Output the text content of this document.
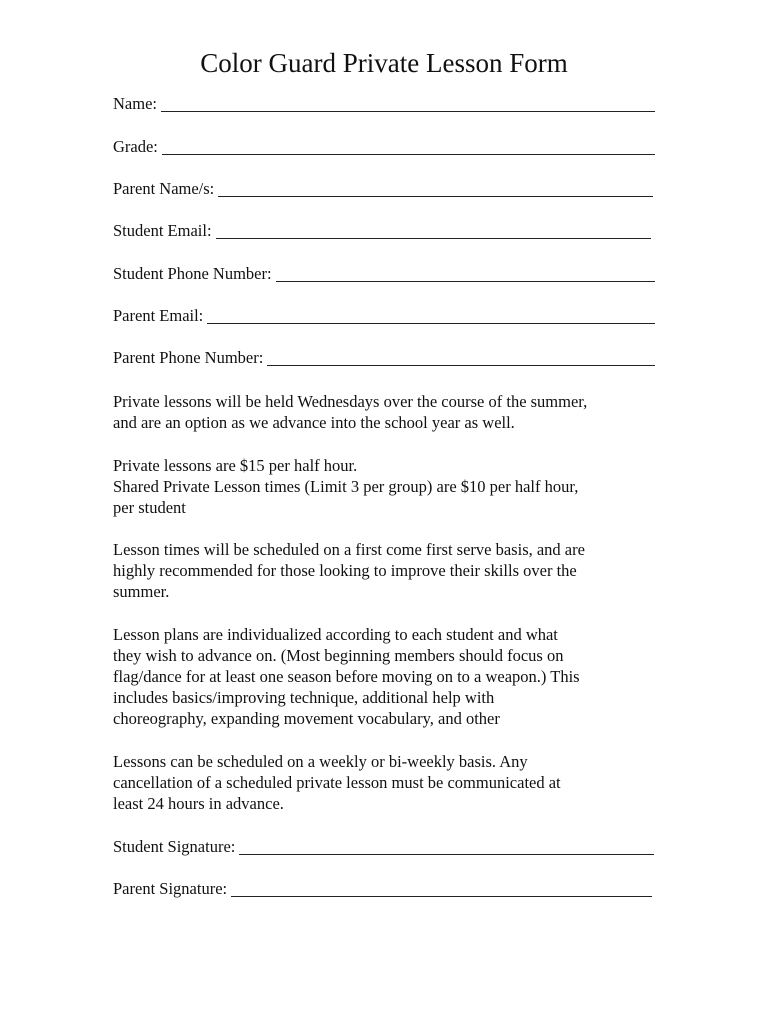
Color Guard Private Lesson Form
Name:
Grade:
Parent Name/s:
Student Email:
Student Phone Number:
Parent Email:
Parent Phone Number:
Private lessons will be held Wednesdays over the course of the summer,
and are an option as we advance into the school year as well.
Private lessons are $15 per half hour.
Shared Private Lesson times (Limit 3 per group) are $10 per half hour,
per student
Lesson times will be scheduled on a first come first serve basis, and are
highly recommended for those looking to improve their skills over the
summer.
Lesson plans are individualized according to each student and what
they wish to advance on. (Most beginning members should focus on
flag/dance for at least one season before moving on to a weapon.) This
includes basics/improving technique, additional help with
choreography, expanding movement vocabulary, and other
Lessons can be scheduled on a weekly or bi-weekly basis. Any
cancellation of a scheduled private lesson must be communicated at
least 24 hours in advance.
Student Signature:
Parent Signature:
